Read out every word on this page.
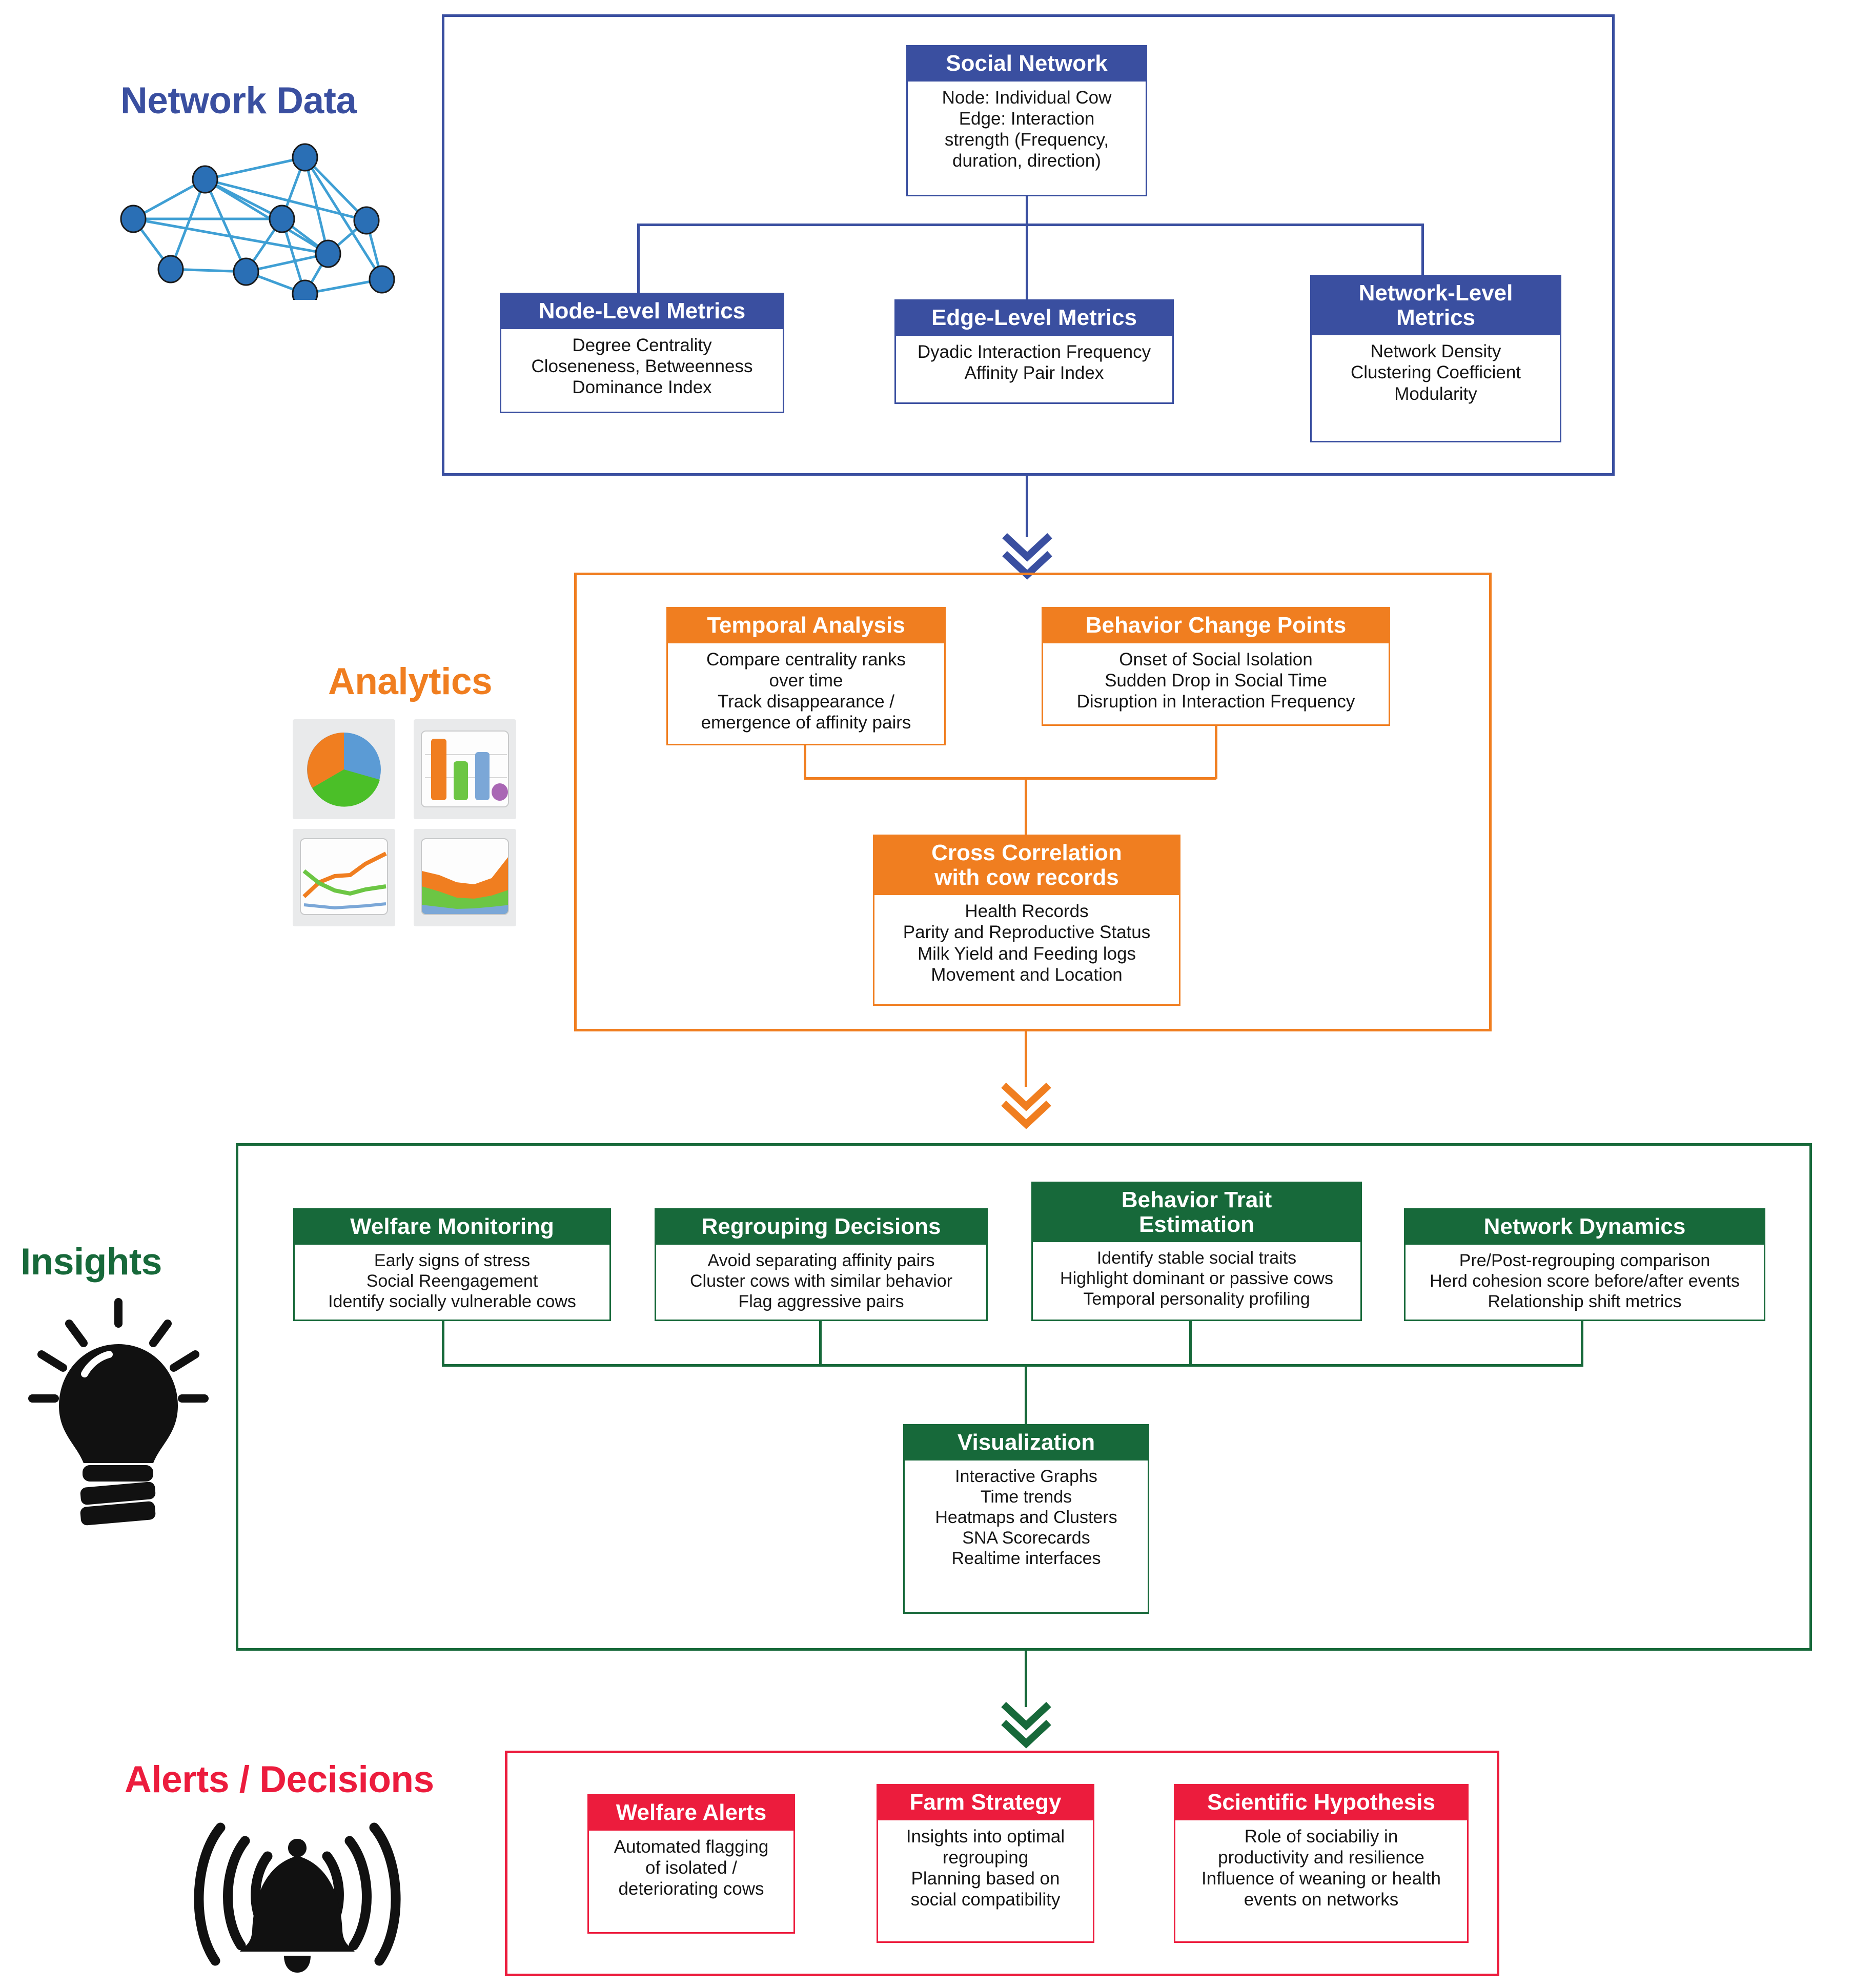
Network Data
Social Network
Node: Individual Cow
Edge: Interaction
strength (Frequency,
duration, direction)
Node-Level Metrics
Degree Centrality
Closeneness, Betweenness
Dominance Index
Edge-Level Metrics
Dyadic Interaction Frequency
Affinity Pair Index
Network-Level
Metrics
Network Density
Clustering Coefficient
Modularity
Analytics
Temporal Analysis
Compare centrality ranks
over time
Track disappearance /
emergence of affinity pairs
Behavior Change Points
Onset of Social Isolation
Sudden Drop in Social Time
Disruption in Interaction Frequency
Cross Correlation
with cow records
Health Records
Parity and Reproductive Status
Milk Yield and Feeding logs
Movement and Location
Insights
Welfare Monitoring
Early signs of stress
Social Reengagement
Identify socially vulnerable cows
Regrouping Decisions
Avoid separating affinity pairs
Cluster cows with similar behavior
Flag aggressive pairs
Behavior Trait
Estimation
Identify stable social traits
Highlight dominant or passive cows
Temporal personality profiling
Network Dynamics
Pre/Post-regrouping comparison
Herd cohesion score before/after events
Relationship shift metrics
Visualization
Interactive Graphs
Time trends
Heatmaps and Clusters
SNA Scorecards
Realtime interfaces
Alerts / Decisions
Welfare Alerts
Automated flagging
of isolated /
deteriorating cows
Farm Strategy
Insights into optimal
regrouping
Planning based on
social compatibility
Scientific Hypothesis
Role of sociabiliy in
productivity and resilience
Influence of weaning or health
events on networks
